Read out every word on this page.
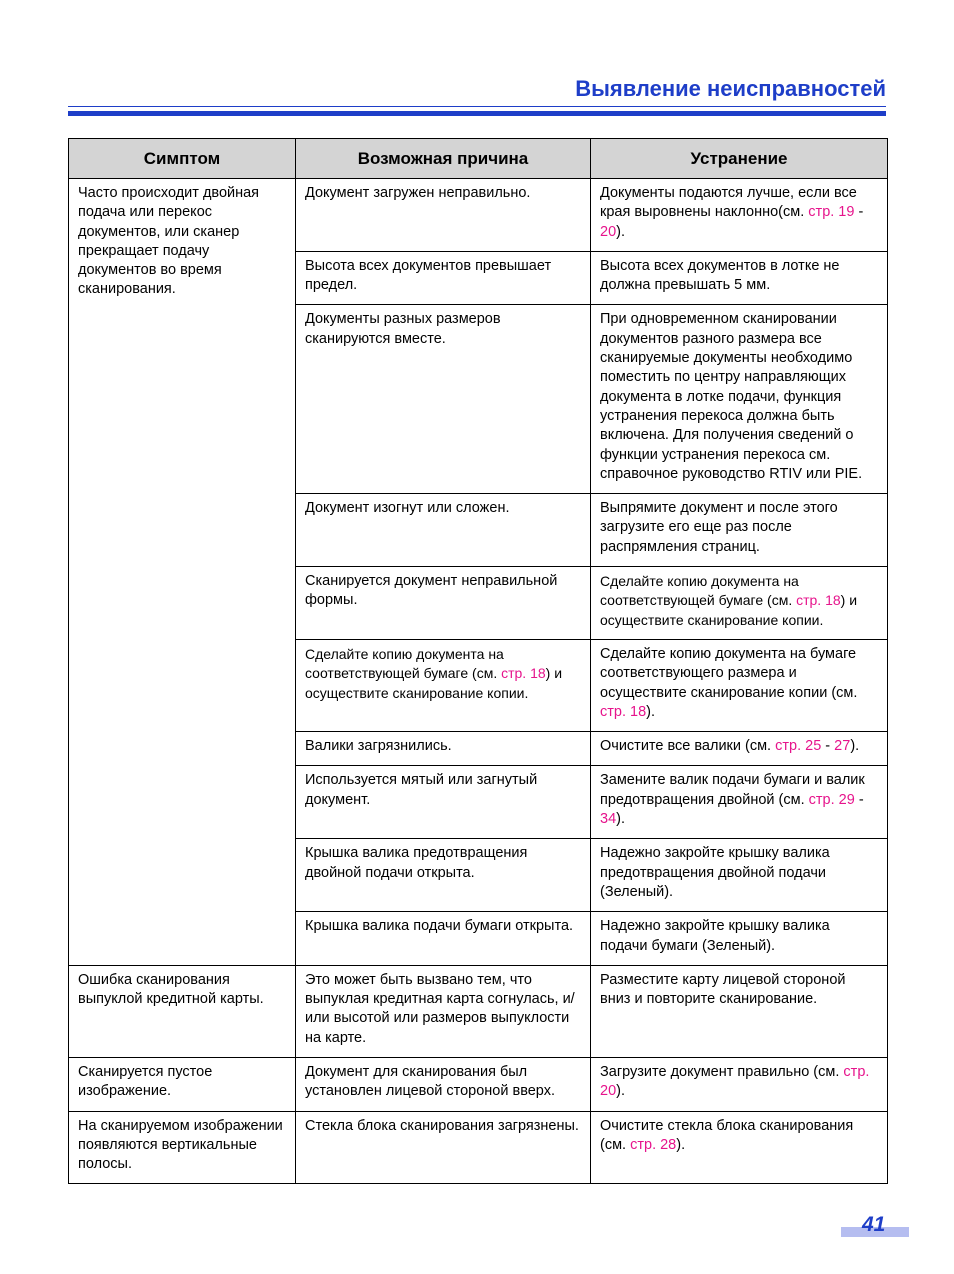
Выявление неисправностей
Симптом	Возможная причина	Устранение
Часто происходит двойная подача или перекос документов, или сканер прекращает подачу документов во время сканирования.	Документ загружен неправильно.	Документы подаются лучше, если все края выровнены наклонно(см. стр. 19 - 20).
	Высота всех документов превышает предел.	Высота всех документов в лотке не должна превышать 5 мм.
	Документы разных размеров сканируются вместе.	При одновременном сканировании документов разного размера все сканируемые документы необходимо поместить по центру направляющих документа в лотке подачи, функция устранения перекоса должна быть включена. Для получения сведений о функции устранения перекоса см. справочное руководство RTIV или PIE.
	Документ изогнут или сложен.	Выпрямите документ и после этого загрузите его еще раз после распрямления страниц.
	Сканируется документ неправильной формы.	Сделайте копию документа на соответствующей бумаге (см. стр. 18) и осуществите сканирование копии.
	Сделайте копию документа на соответствующей бумаге (см. стр. 18) и осуществите сканирование копии.	Сделайте копию документа на бумаге соответствующего размера и осуществите сканирование копии (см. стр. 18).
	Валики загрязнились.	Очистите все валики (см. стр. 25 - 27).
	Используется мятый или загнутый документ.	Замените валик подачи бумаги и валик предотвращения двойной (см. стр. 29 - 34).
	Крышка валика предотвращения двойной подачи открыта.	Надежно закройте крышку валика предотвращения двойной подачи (Зеленый).
	Крышка валика подачи бумаги открыта.	Надежно закройте крышку валика подачи бумаги (Зеленый).
Ошибка сканирования выпуклой кредитной карты.	Это может быть вызвано тем, что выпуклая кредитная карта согнулась, и/или высотой или размеров выпуклости на карте.	Разместите карту лицевой стороной вниз и повторите сканирование.
Сканируется пустое изображение.	Документ для сканирования был установлен лицевой стороной вверх.	Загрузите документ правильно (см. стр. 20).
На сканируемом изображении появляются вертикальные полосы.	Стекла блока сканирования загрязнены.	Очистите стекла блока сканирования (см. стр. 28).
41
